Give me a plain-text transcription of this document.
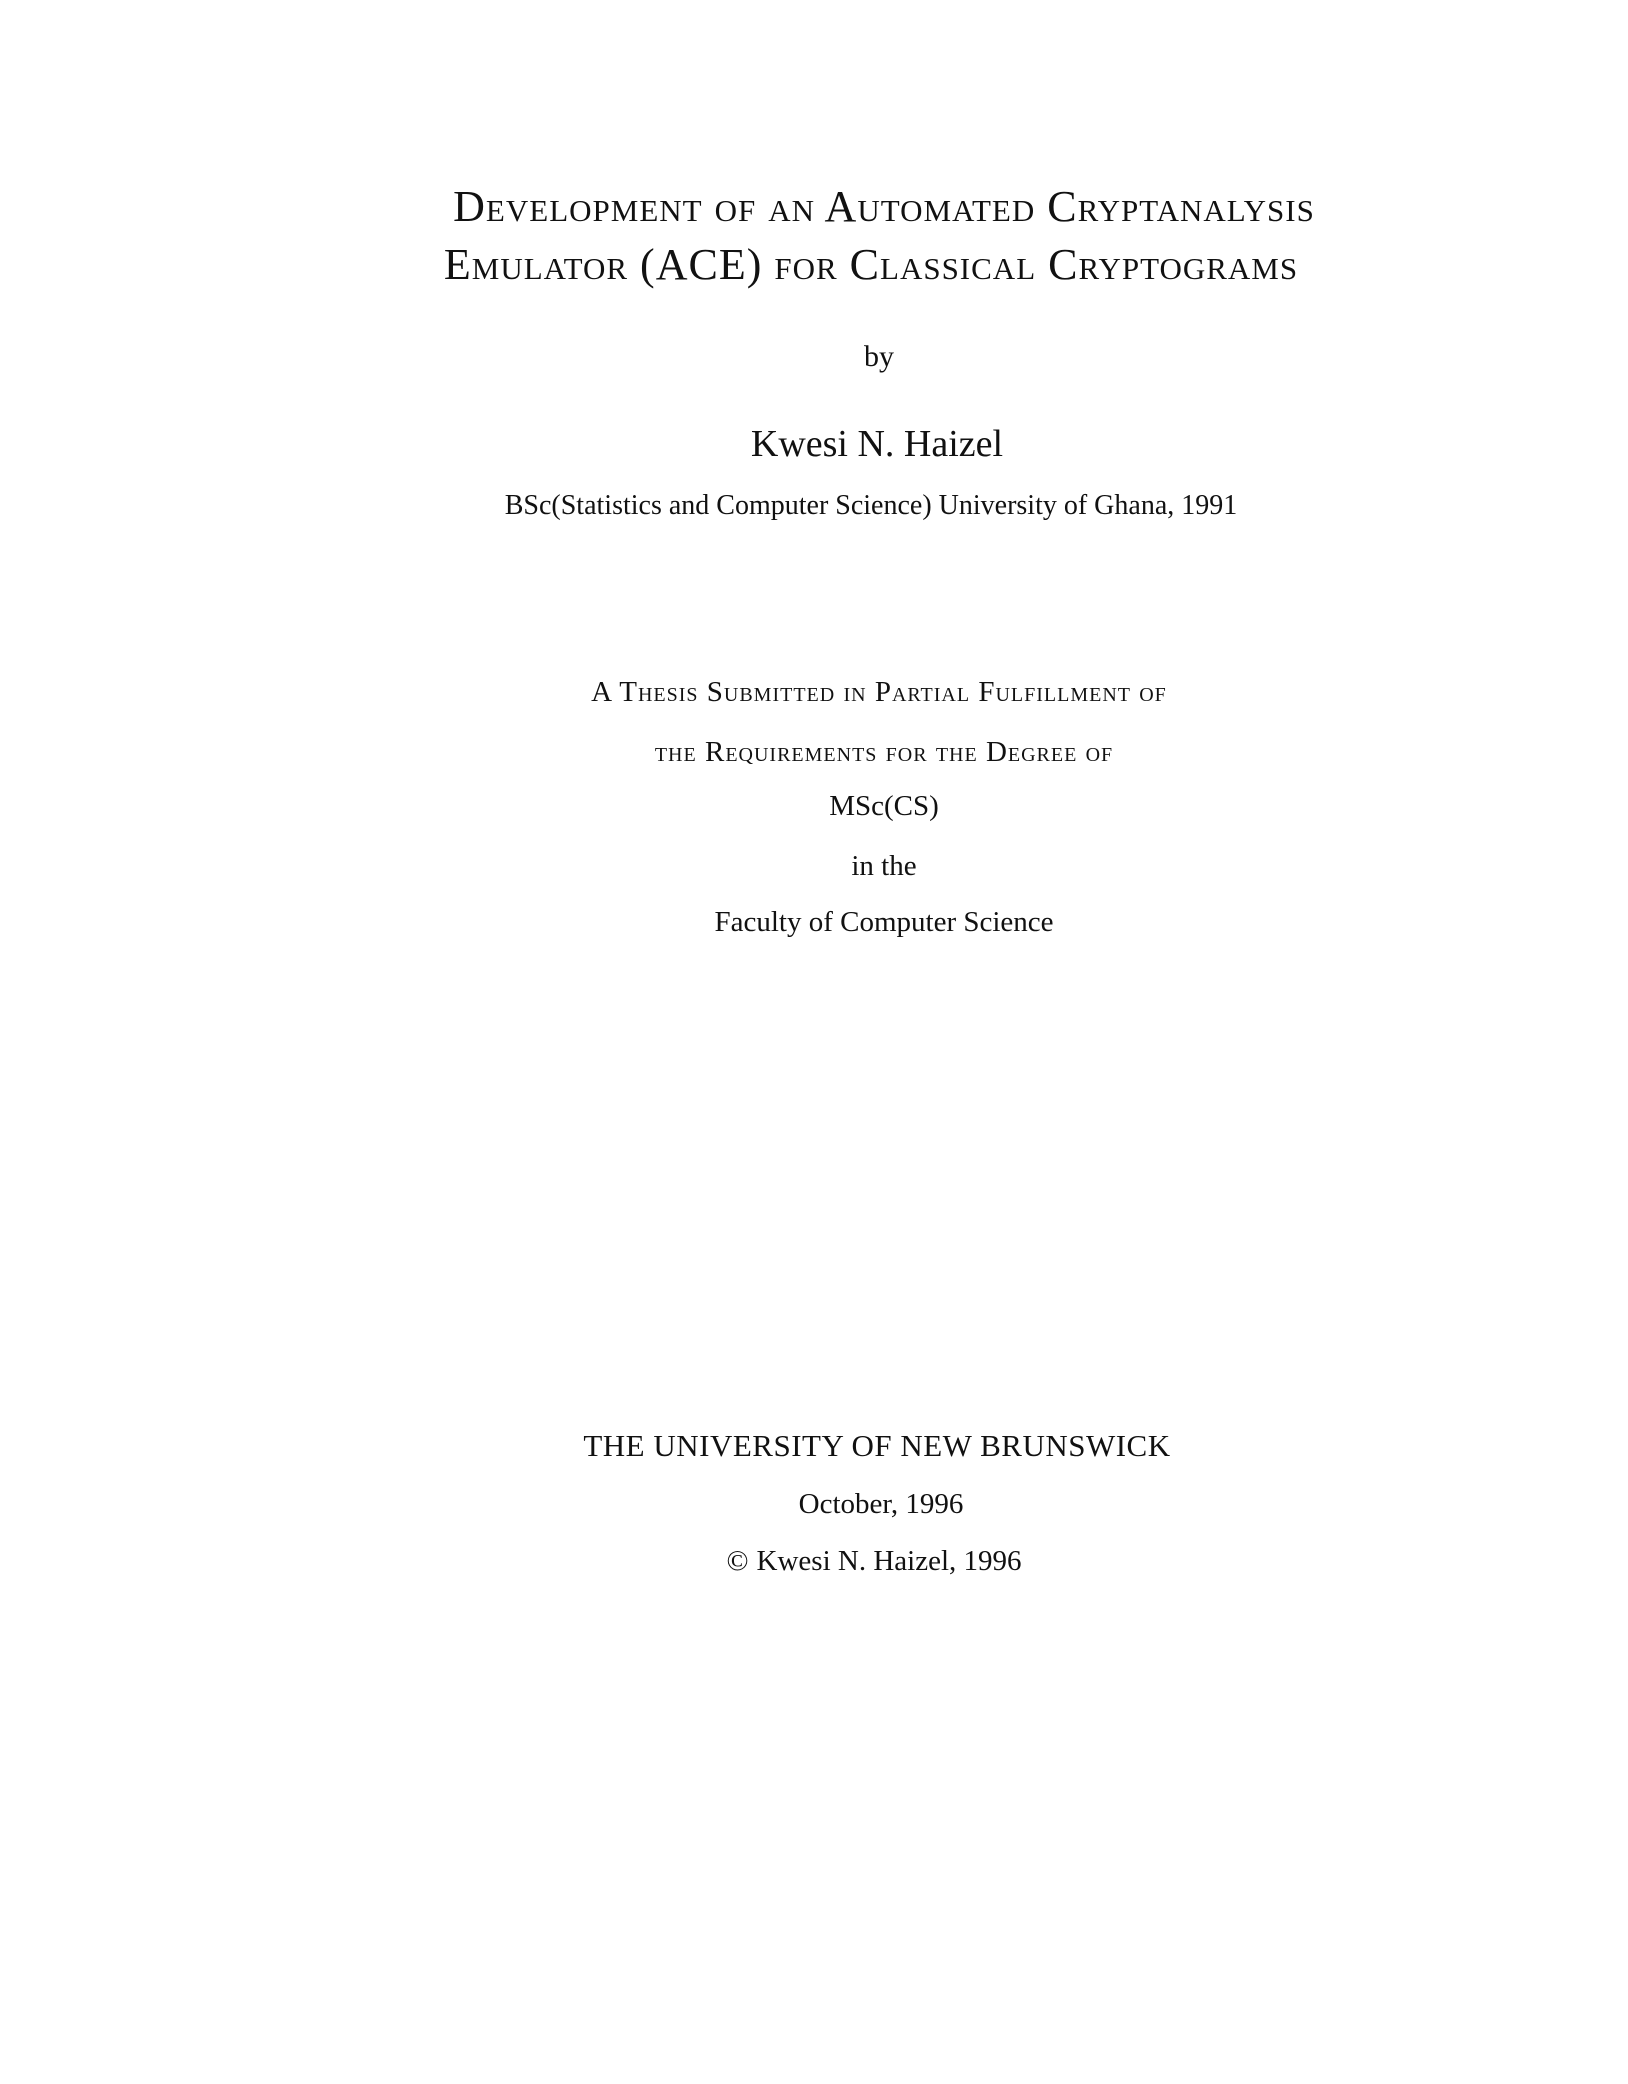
Development of an Automated Cryptanalysis
Emulator (ACE) for Classical Cryptograms
by
Kwesi N. Haizel
BSc(Statistics and Computer Science) University of Ghana, 1991
A Thesis Submitted in Partial Fulfillment of
the Requirements for the Degree of
MSc(CS)
in the
Faculty of Computer Science
THE UNIVERSITY OF NEW BRUNSWICK
October, 1996
© Kwesi N. Haizel, 1996
